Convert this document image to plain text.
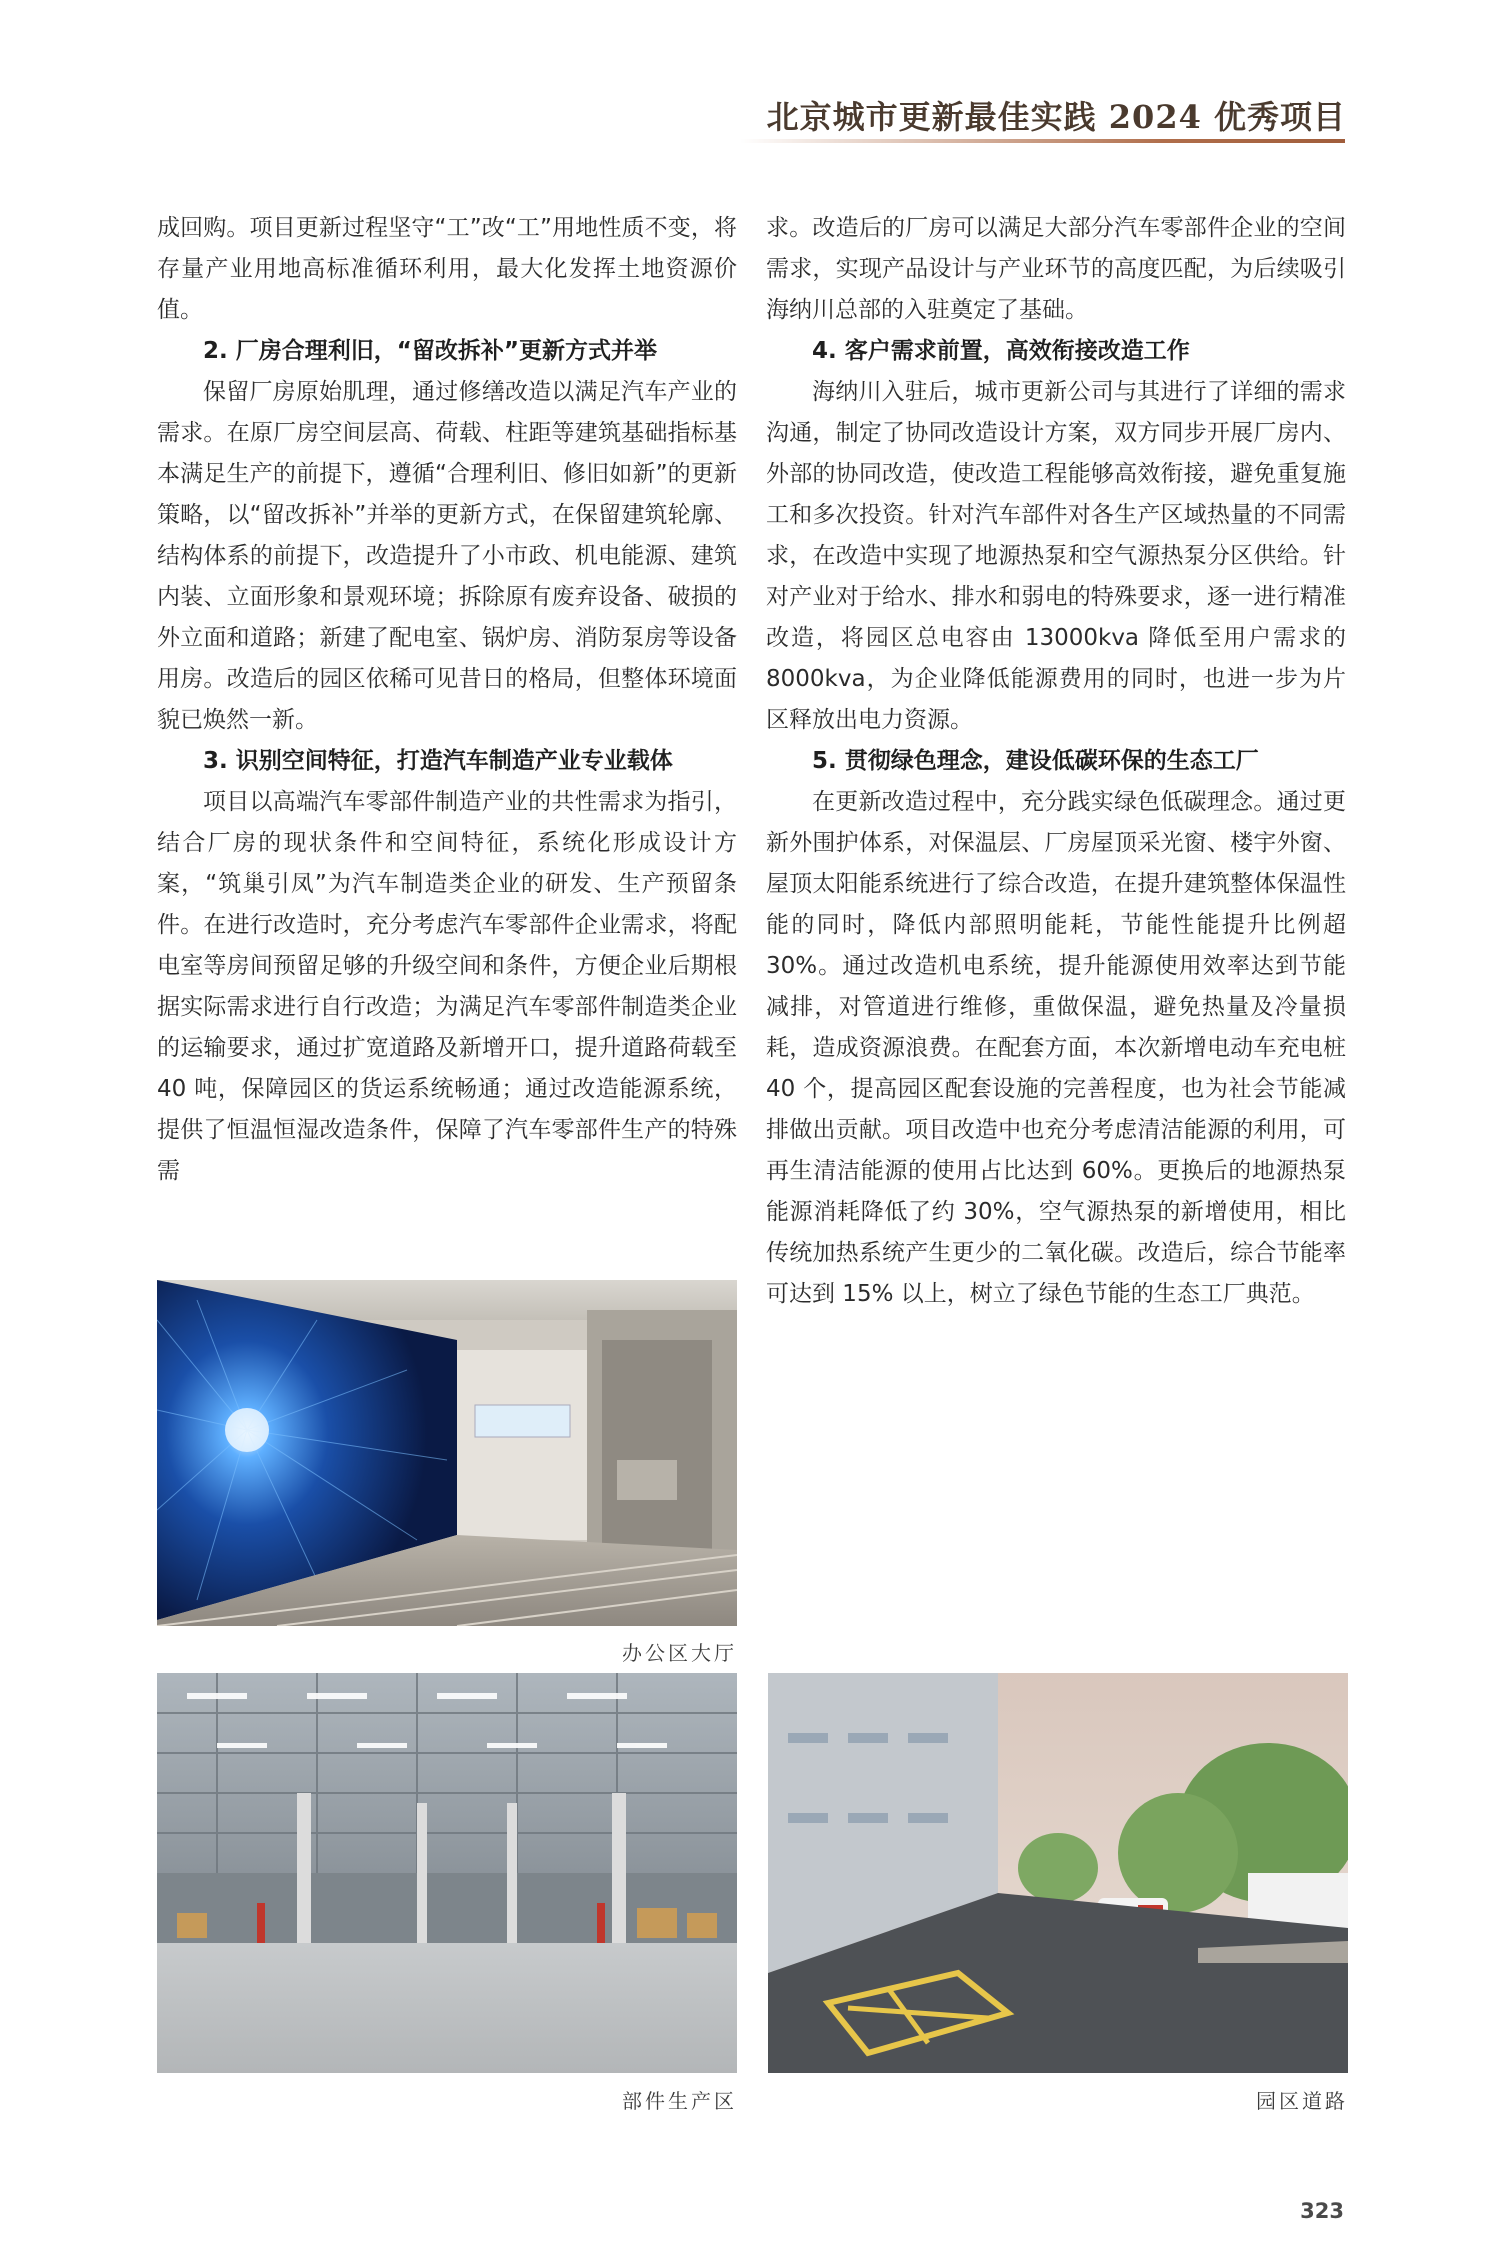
北京城市更新最佳实践 2024 优秀项目

成回购。项目更新过程坚守“工”改“工”用地性质不变，将存量产业用地高标准循环利用，最大化发挥土地资源价值。

2. 厂房合理利旧，“留改拆补”更新方式并举

保留厂房原始肌理，通过修缮改造以满足汽车产业的需求。在原厂房空间层高、荷载、柱距等建筑基础指标基本满足生产的前提下，遵循“合理利旧、修旧如新”的更新策略，以“留改拆补”并举的更新方式，在保留建筑轮廓、结构体系的前提下，改造提升了小市政、机电能源、建筑内装、立面形象和景观环境；拆除原有废弃设备、破损的外立面和道路；新建了配电室、锅炉房、消防泵房等设备用房。改造后的园区依稀可见昔日的格局，但整体环境面貌已焕然一新。

3. 识别空间特征，打造汽车制造产业专业载体

项目以高端汽车零部件制造产业的共性需求为指引，结合厂房的现状条件和空间特征，系统化形成设计方案，“筑巢引凤”为汽车制造类企业的研发、生产预留条件。在进行改造时，充分考虑汽车零部件企业需求，将配电室等房间预留足够的升级空间和条件，方便企业后期根据实际需求进行自行改造；为满足汽车零部件制造类企业的运输要求，通过扩宽道路及新增开口，提升道路荷载至 40 吨，保障园区的货运系统畅通；通过改造能源系统，提供了恒温恒湿改造条件，保障了汽车零部件生产的特殊需

求。改造后的厂房可以满足大部分汽车零部件企业的空间需求，实现产品设计与产业环节的高度匹配，为后续吸引海纳川总部的入驻奠定了基础。

4. 客户需求前置，高效衔接改造工作

海纳川入驻后，城市更新公司与其进行了详细的需求沟通，制定了协同改造设计方案，双方同步开展厂房内、外部的协同改造，使改造工程能够高效衔接，避免重复施工和多次投资。针对汽车部件对各生产区域热量的不同需求，在改造中实现了地源热泵和空气源热泵分区供给。针对产业对于给水、排水和弱电的特殊要求，逐一进行精准改造，将园区总电容由 13000kva 降低至用户需求的 8000kva，为企业降低能源费用的同时，也进一步为片区释放出电力资源。

5. 贯彻绿色理念，建设低碳环保的生态工厂

在更新改造过程中，充分践实绿色低碳理念。通过更新外围护体系，对保温层、厂房屋顶采光窗、楼宇外窗、屋顶太阳能系统进行了综合改造，在提升建筑整体保温性能的同时，降低内部照明能耗，节能性能提升比例超 30%。通过改造机电系统，提升能源使用效率达到节能减排，对管道进行维修，重做保温，避免热量及冷量损耗，造成资源浪费。在配套方面，本次新增电动车充电桩 40 个，提高园区配套设施的完善程度，也为社会节能减排做出贡献。项目改造中也充分考虑清洁能源的利用，可再生清洁能源的使用占比达到 60%。更换后的地源热泵能源消耗降低了约 30%，空气源热泵的新增使用，相比传统加热系统产生更少的二氧化碳。改造后，综合节能率可达到 15% 以上，树立了绿色节能的生态工厂典范。

办公区大厅
部件生产区	园区道路
323
